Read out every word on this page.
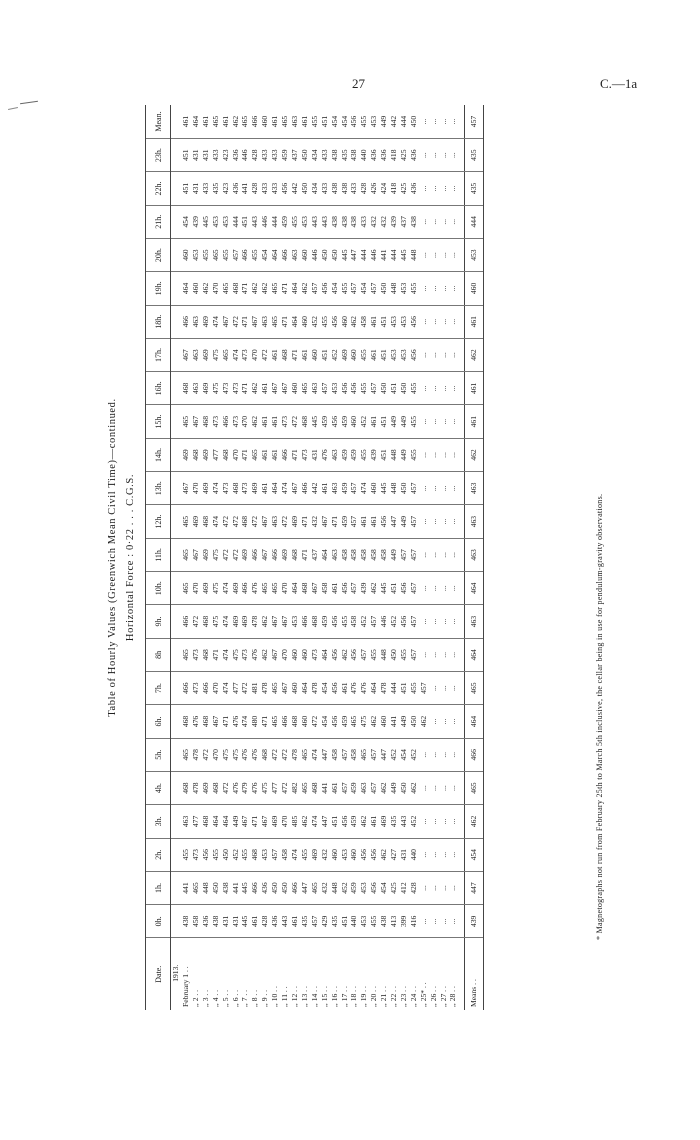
27	C.—1a
Table of Hourly Values (Greenwich Mean Civil Time)—continued. Horizontal Force : 0·22 . . . C.G.S.
Date.	0h.	1h.	2h.	3h.	4h.	5h.	6h.	7h.	8h	9h.	10h.	11h.	12h.	13h.	14h.	15h.	16h.	17h.	18h.	19h.	20h.	21h.	22h.	23h.	Mean.
1913.																									
February 1 . .	438	441	455	463	468	465	468	466	465	466	465	465	465	467	469	465	468	467	466	464	460	454	451	451	461
,, 2 . .	458	465	473	477	478	478	476	473	473	472	470	467	469	470	468	467	463	463	463	460	453	439	431	431	464
,, 3 . .	436	448	456	468	469	472	468	466	468	468	469	469	468	469	469	468	469	469	469	462	455	445	433	431	461
,, 4 . .	438	450	455	464	468	470	467	470	471	475	475	475	474	474	477	473	475	475	474	470	465	453	435	433	465
,, 5 . .	431	438	450	464	472	475	471	474	474	474	474	472	472	473	468	466	473	465	467	465	455	453	423	423	461
,, 6 . .	431	441	452	449	476	475	476	477	475	469	469	472	472	468	470	473	473	474	472	468	457	444	436	436	462
,, 7 . .	445	445	455	467	479	476	474	472	473	469	466	469	468	473	471	470	471	473	471	471	466	451	441	446	465
,, 8 . .	461	466	468	471	476	476	480	481	476	478	476	466	472	469	465	462	462	470	467	462	455	443	428	428	466
,, 9 . .	428	436	453	467	475	468	471	478	462	462	465	467	467	461	461	461	461	472	463	462	454	446	433	433	460
,, 10 . .	436	450	457	469	477	472	465	465	467	467	465	466	463	464	461	461	467	461	465	465	464	444	433	433	461
,, 11 . .	443	450	458	470	472	472	466	467	470	467	470	469	472	474	466	473	467	468	471	471	466	459	456	459	465
,, 12 . .	461	466	474	485	482	478	468	460	460	453	464	468	469	467	471	472	460	471	464	464	463	455	442	437	463
,, 13 . .	435	447	455	462	465	465	460	464	460	466	468	471	471	466	473	468	465	461	460	462	460	453	450	450	461
,, 14 . .	457	465	469	474	468	474	472	478	473	468	467	437	432	442	431	445	463	460	452	457	446	443	434	434	455
,, 15 . .	429	432	432	447	441	447	454	454	464	459	458	464	467	461	476	459	457	451	455	456	450	443	433	433	451
,, 16 . .	435	448	460	451	461	458	456	456	456	456	461	463	471	463	463	456	453	452	456	454	450	438	438	438	454
,, 17 . .	451	452	453	456	457	457	459	461	462	455	456	458	459	459	459	459	456	469	460	455	445	438	438	435	454
,, 18 . .	440	459	460	459	459	458	465	476	456	458	457	458	457	457	459	460	456	460	462	457	447	438	433	438	456
,, 19 . .	453	453	456	462	463	465	475	476	457	452	439	458	461	474	455	452	455	455	458	454	444	433	428	440	455
,, 20 . .	455	456	456	461	457	457	462	464	455	457	462	458	461	460	439	461	457	461	461	457	446	432	426	436	453
,, 21 . .	438	454	462	469	462	447	460	478	448	446	445	458	456	445	451	451	450	451	451	450	441	432	424	436	449
,, 22 . .	413	425	427	435	449	452	441	444	450	452	451	449	447	448	448	449	451	453	453	448	444	439	418	418	442
,, 23 . .	399	412	431	443	450	454	449	451	455	456	456	457	449	450	449	449	450	453	453	453	445	437	425	425	444
,, 24 . .	416	428	440	452	462	452	450	455	457	457	457	457	457	457	455	455	455	456	456	455	448	438	436	436	450
,, 25* . .	...	...	...	...	...	...	462	457	...	...	...	...	...	...	...	...	...	...	...	...	...	...	...	...	...
,, 26 . .	...	...	...	...	...	...	...	...	...	...	...	...	...	...	...	...	...	...	...	...	...	...	...	...	...
,, 27 . .	...	...	...	...	...	...	...	...	...	...	...	...	...	...	...	...	...	...	...	...	...	...	...	...	...
,, 28 . .	...	...	...	...	...	...	...	...	...	...	...	...	...	...	...	...	...	...	...	...	...	...	...	...	...

Means . .	439	447	454	462	465	466	464	465	464	463	464	463	463	463	462	461	461	462	461	460	453	444	435	435	457
* Magnetographs not run from February 25th to March 5th inclusive, the cellar being in use for pendulum-gravity observations.
